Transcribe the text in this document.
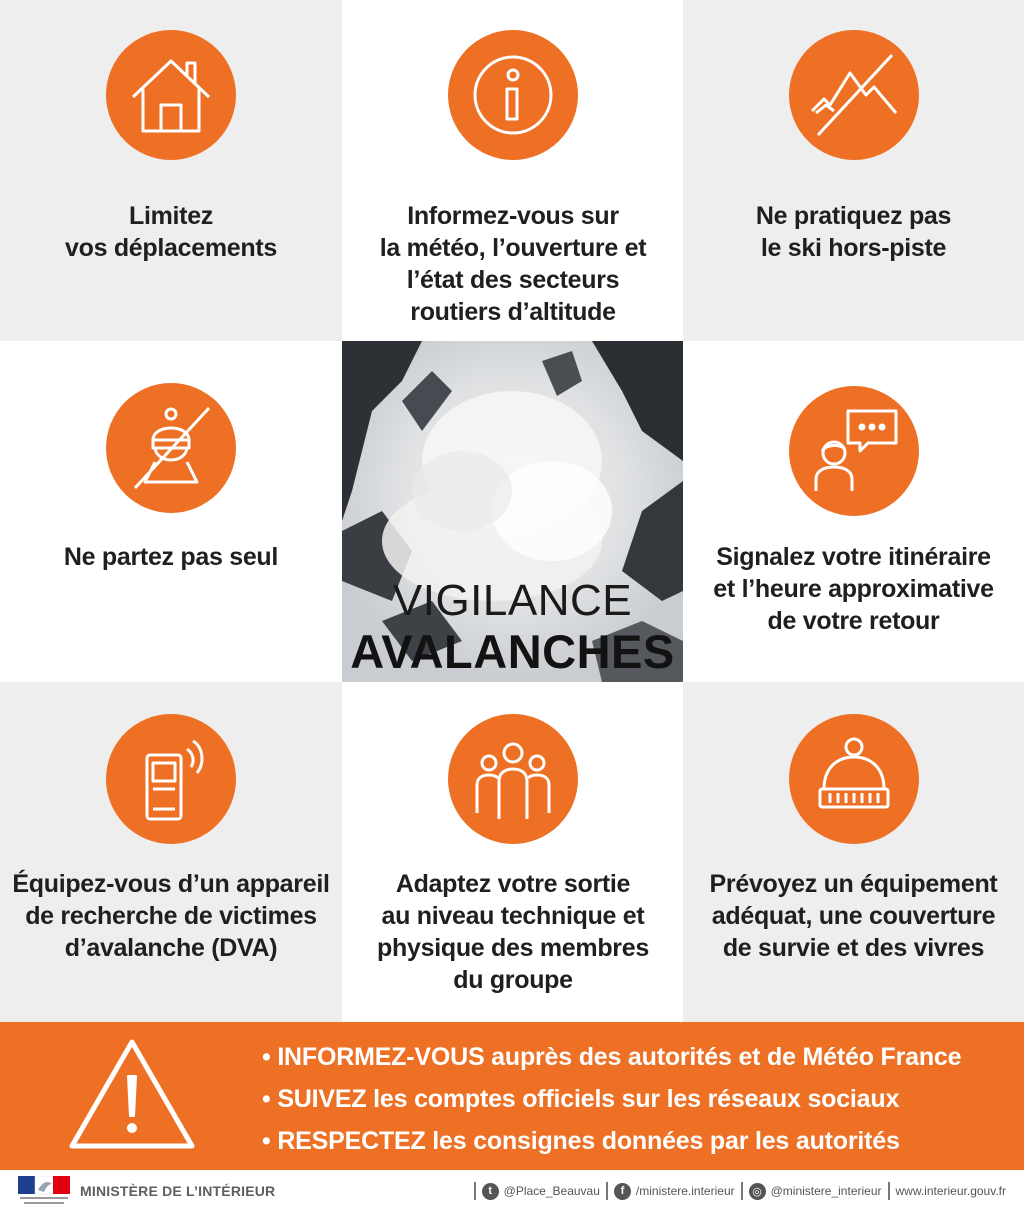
Limitez
vos déplacements
Informez-vous sur
la météo, l’ouverture et
l’état des secteurs
routiers d’altitude
Ne pratiquez pas
le ski hors-piste
Ne partez pas seul
VIGILANCE
AVALANCHES
Signalez votre itinéraire
et l’heure approximative
de votre retour
Équipez-vous d’un appareil
de recherche de victimes
d’avalanche (DVA)
Adaptez votre sortie
au niveau technique et
physique des membres
du groupe
Prévoyez un équipement
adéquat, une couverture
de survie et des vivres
• INFORMEZ-VOUS auprès des autorités et de Météo France
• SUIVEZ les comptes officiels sur les réseaux sociaux
• RESPECTEZ les consignes données par les autorités
MINISTÈRE DE L’INTÉRIEUR	t @Place_Beauvau	f /ministere.interieur	◎ @ministere_interieur www.interieur.gouv.fr
